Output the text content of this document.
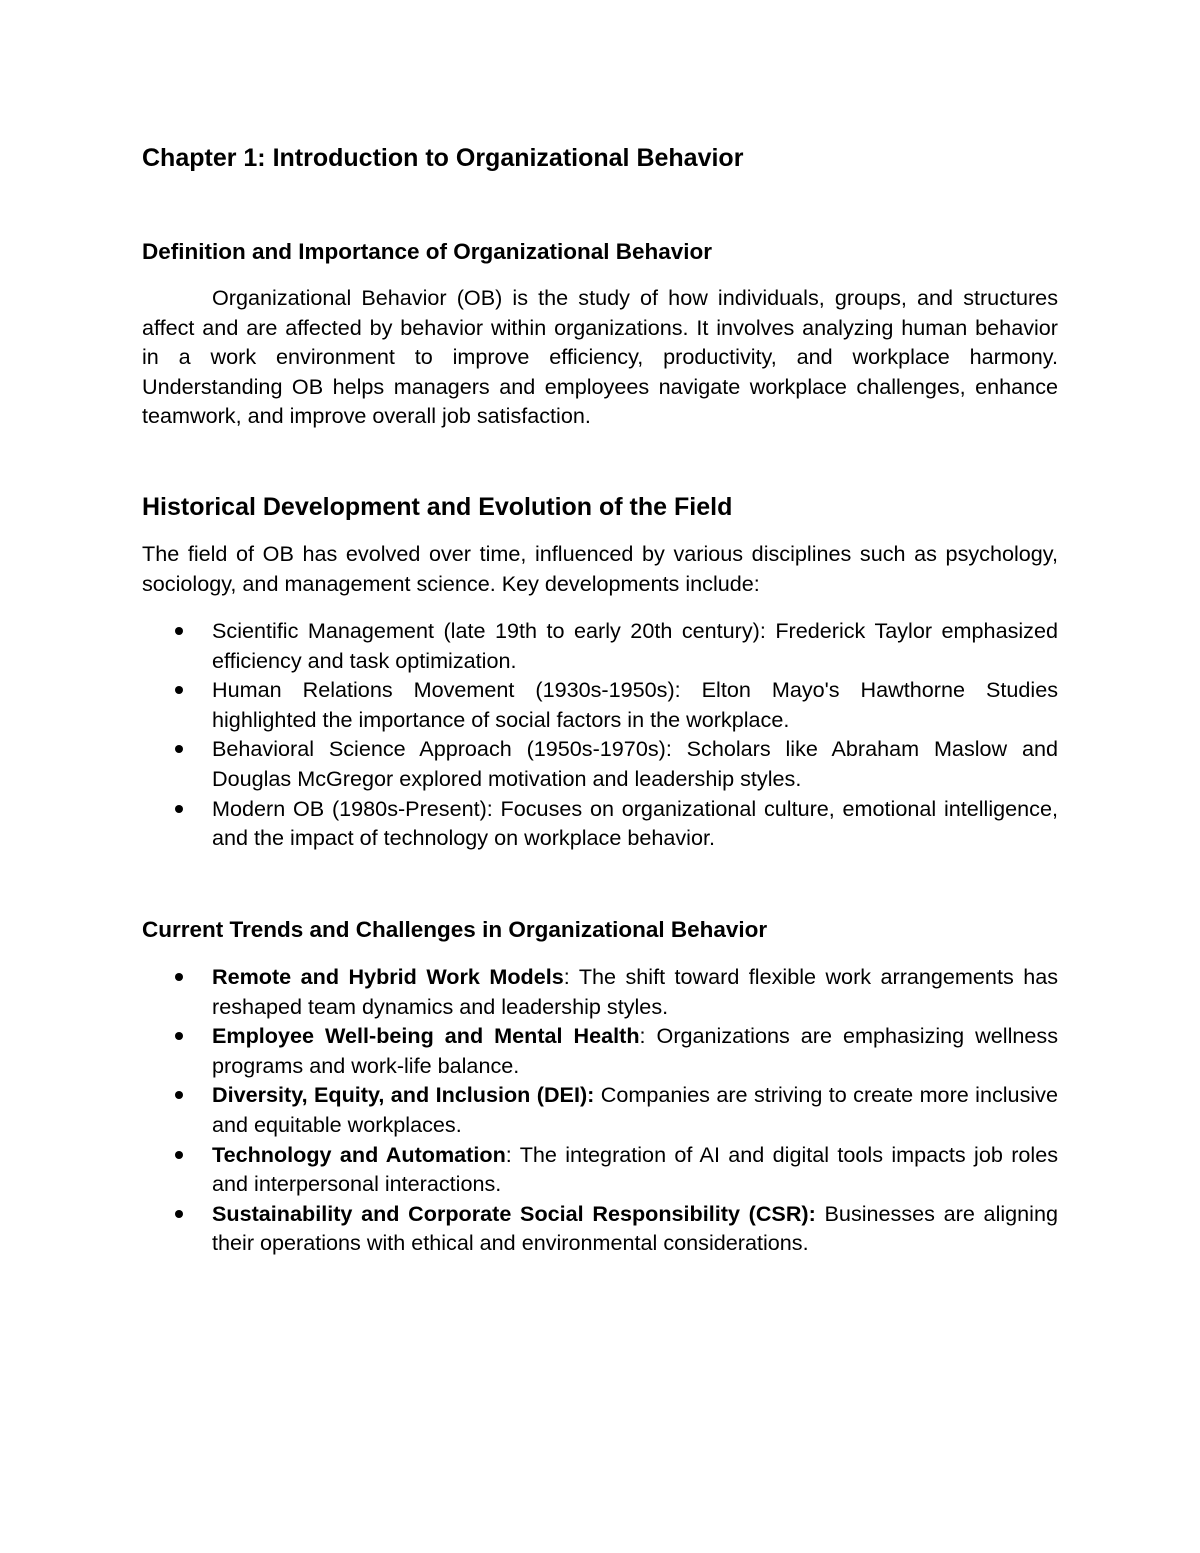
Chapter 1: Introduction to Organizational Behavior
Definition and Importance of Organizational Behavior

Organizational Behavior (OB) is the study of how individuals, groups, and structures affect and are affected by behavior within organizations. It involves analyzing human behavior in a work environment to improve efficiency, productivity, and workplace harmony. Understanding OB helps managers and employees navigate workplace challenges, enhance teamwork, and improve overall job satisfaction.

Historical Development and Evolution of the Field

The field of OB has evolved over time, influenced by various disciplines such as psychology, sociology, and management science. Key developments include:

Scientific Management (late 19th to early 20th century): Frederick Taylor emphasized efficiency and task optimization.
Human Relations Movement (1930s-1950s): Elton Mayo's Hawthorne Studies highlighted the importance of social factors in the workplace.
Behavioral Science Approach (1950s-1970s): Scholars like Abraham Maslow and Douglas McGregor explored motivation and leadership styles.
Modern OB (1980s-Present): Focuses on organizational culture, emotional intelligence, and the impact of technology on workplace behavior.
Current Trends and Challenges in Organizational Behavior
Remote and Hybrid Work Models: The shift toward flexible work arrangements has reshaped team dynamics and leadership styles.
Employee Well-being and Mental Health: Organizations are emphasizing wellness programs and work-life balance.
Diversity, Equity, and Inclusion (DEI): Companies are striving to create more inclusive and equitable workplaces.
Technology and Automation: The integration of AI and digital tools impacts job roles and interpersonal interactions.
Sustainability and Corporate Social Responsibility (CSR): Businesses are aligning their operations with ethical and environmental considerations.
